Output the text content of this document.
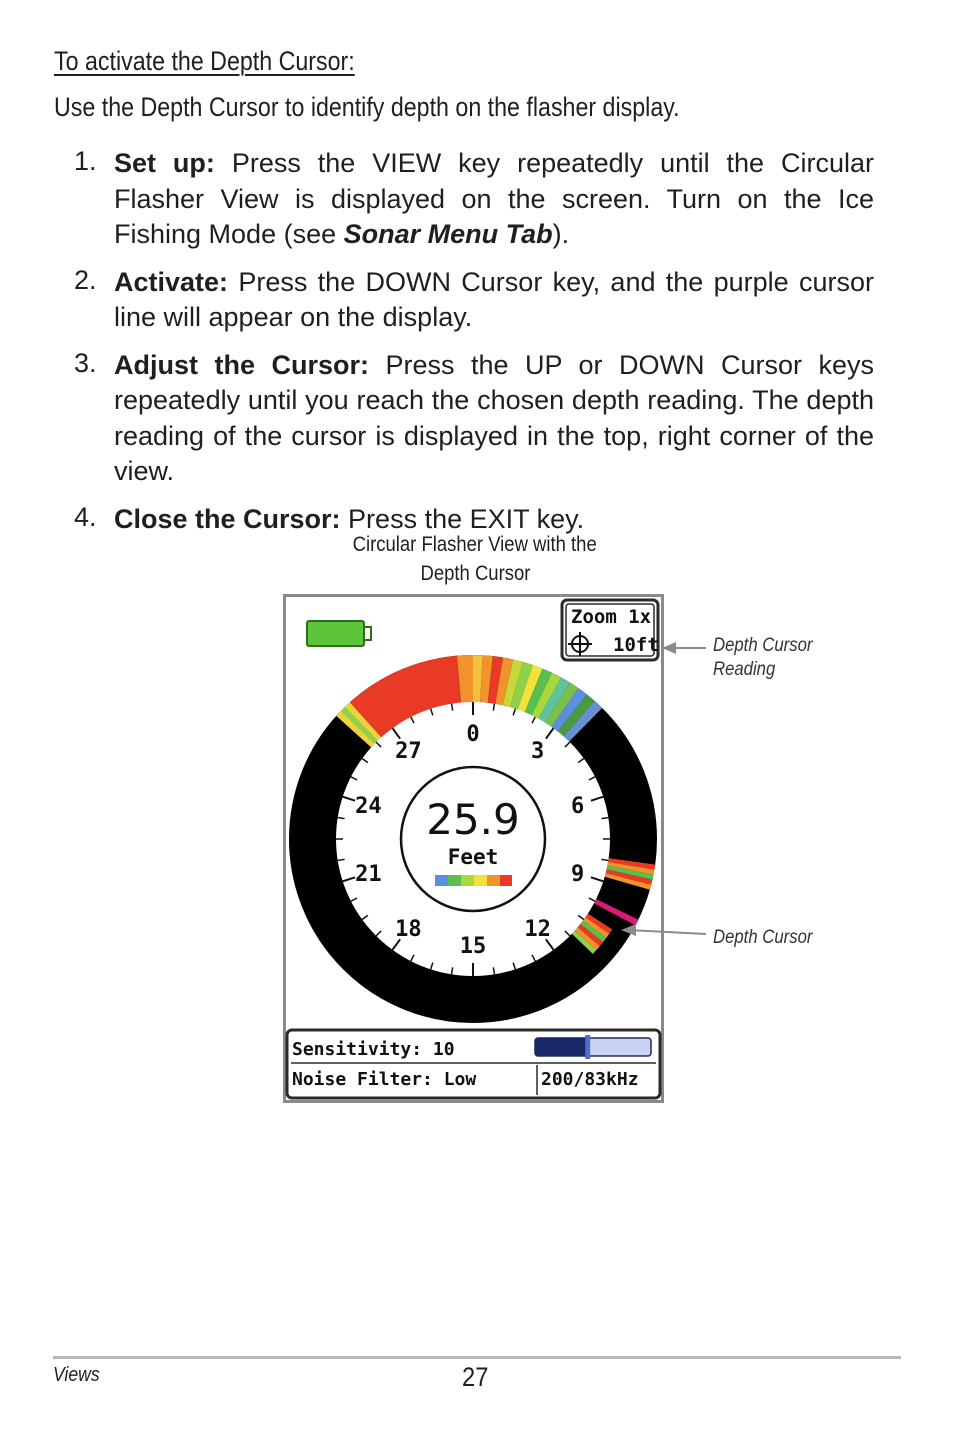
To activate the Depth Cursor:
Use the Depth Cursor to identify depth on the flasher display.
1. Set up: Press the VIEW key repeatedly until the Circular Flasher View is displayed on the screen. Turn on the Ice Fishing Mode (see Sonar Menu Tab).
2. Activate: Press the DOWN Cursor key, and the purple cursor line will appear on the display.
3. Adjust the Cursor: Press the UP or DOWN Cursor keys repeatedly until you reach the chosen depth reading. The depth reading of the cursor is displayed in the top, right corner of the view.
4. Close the Cursor: Press the EXIT key.
Circular Flasher View with the
Depth Cursor
Zoom 1x
10ft
0
3
6
9
12
15
18
21
24
27
25.9
Feet
Sensitivity: 10
Noise Filter: Low	200/83kHz
Depth Cursor
Reading
Depth Cursor
Views	27
